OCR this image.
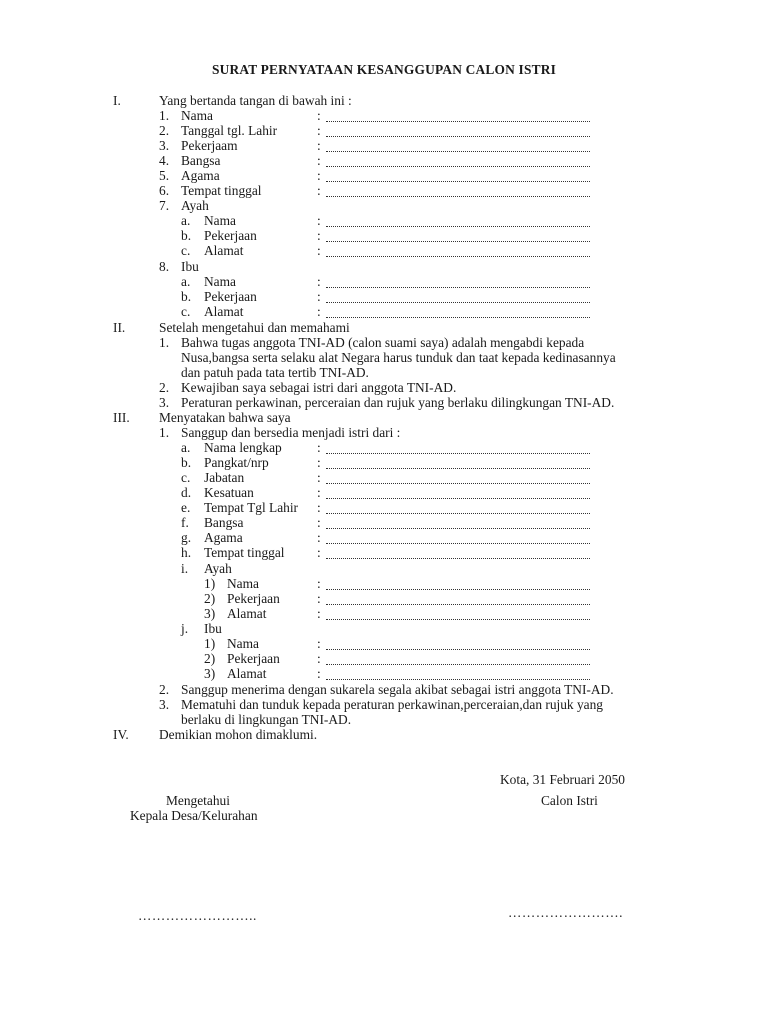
SURAT PERNYATAAN KESANGGUPAN CALON ISTRI
I.	Yang bertanda tangan di bawah ini :
1. Nama	:
2. Tanggal tgl. Lahir	:
3. Pekerjaam	:
4. Bangsa	:
5. Agama	:
6. Tempat tinggal	:
7. Ayah
a. Nama	:
b. Pekerjaan	:
c. Alamat	:
8. Ibu
a. Nama	:
b. Pekerjaan	:
c. Alamat	:
II.	Setelah mengetahui dan memahami
1. Bahwa tugas anggota TNI-AD (calon suami saya) adalah mengabdi kepada
Nusa,bangsa serta selaku alat Negara harus tunduk dan taat kepada kedinasannya
dan patuh pada tata tertib TNI-AD.
2. Kewajiban saya sebagai istri dari anggota TNI-AD.
3. Peraturan perkawinan, perceraian dan rujuk yang berlaku dilingkungan TNI-AD.
III. Menyatakan bahwa saya
1. Sanggup dan bersedia menjadi istri dari :
a. Nama lengkap	:
b. Pangkat/nrp	:
c. Jabatan	:
d. Kesatuan	:
e. Tempat Tgl Lahir :
f. Bangsa	:
g. Agama	:
h. Tempat tinggal :
i. Ayah
1) Nama	:
2) Pekerjaan	:
3) Alamat	:
j. Ibu
1) Nama	:
2) Pekerjaan	:
3) Alamat	:
2. Sanggup menerima dengan sukarela segala akibat sebagai istri anggota TNI-AD.
3. Mematuhi dan tunduk kepada peraturan perkawinan,perceraian,dan rujuk yang
berlaku di lingkungan TNI-AD.
IV. Demikian mohon dimaklumi.
Kota, 31 Februari 2050
Mengetahui
Kepala Desa/Kelurahan
Calon Istri
……………………..	…………………….
